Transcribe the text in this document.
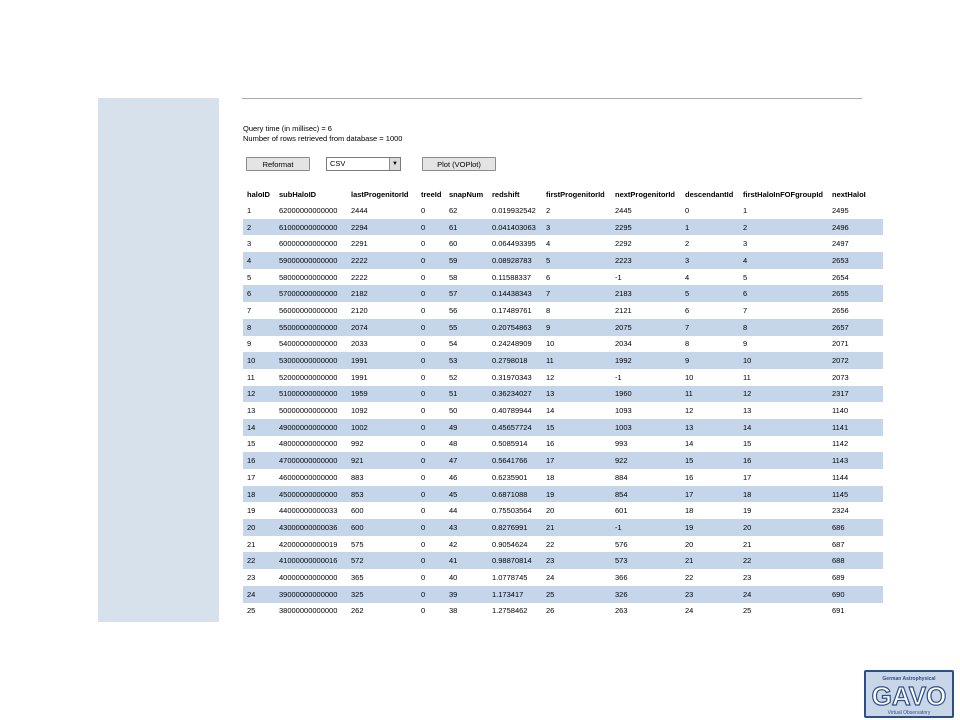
Query time (in millisec) = 6
Number of rows retrieved from database = 1000
Reformat	CSV	▼	Plot (VOPlot)
haloID	subHaloID	lastProgenitorId	treeId	snapNum	redshift	firstProgenitorId	nextProgenitorId	descendantId	firstHaloInFOFgroupId	nextHaloI
1	62000000000000	2444	0	62	0.019932542	2	2445	0	1	2495
2	61000000000000	2294	0	61	0.041403063	3	2295	1	2	2496
3	60000000000000	2291	0	60	0.064493395	4	2292	2	3	2497
4	59000000000000	2222	0	59	0.08928783	5	2223	3	4	2653
5	58000000000000	2222	0	58	0.11588337	6	-1	4	5	2654
6	57000000000000	2182	0	57	0.14438343	7	2183	5	6	2655
7	56000000000000	2120	0	56	0.17489761	8	2121	6	7	2656
8	55000000000000	2074	0	55	0.20754863	9	2075	7	8	2657
9	54000000000000	2033	0	54	0.24248909	10	2034	8	9	2071
10	53000000000000	1991	0	53	0.2798018	11	1992	9	10	2072
11	52000000000000	1991	0	52	0.31970343	12	-1	10	11	2073
12	51000000000000	1959	0	51	0.36234027	13	1960	11	12	2317
13	50000000000000	1092	0	50	0.40789944	14	1093	12	13	1140
14	49000000000000	1002	0	49	0.45657724	15	1003	13	14	1141
15	48000000000000	992	0	48	0.5085914	16	993	14	15	1142
16	47000000000000	921	0	47	0.5641766	17	922	15	16	1143
17	46000000000000	883	0	46	0.6235901	18	884	16	17	1144
18	45000000000000	853	0	45	0.6871088	19	854	17	18	1145
19	44000000000033	600	0	44	0.75503564	20	601	18	19	2324
20	43000000000036	600	0	43	0.8276991	21	-1	19	20	686
21	42000000000019	575	0	42	0.9054624	22	576	20	21	687
22	41000000000016	572	0	41	0.98870814	23	573	21	22	688
23	40000000000000	365	0	40	1.0778745	24	366	22	23	689
24	39000000000000	325	0	39	1.173417	25	326	23	24	690
25	38000000000000	262	0	38	1.2758462	26	263	24	25	691
German Astrophysical
GAVO
Virtual Observatory
